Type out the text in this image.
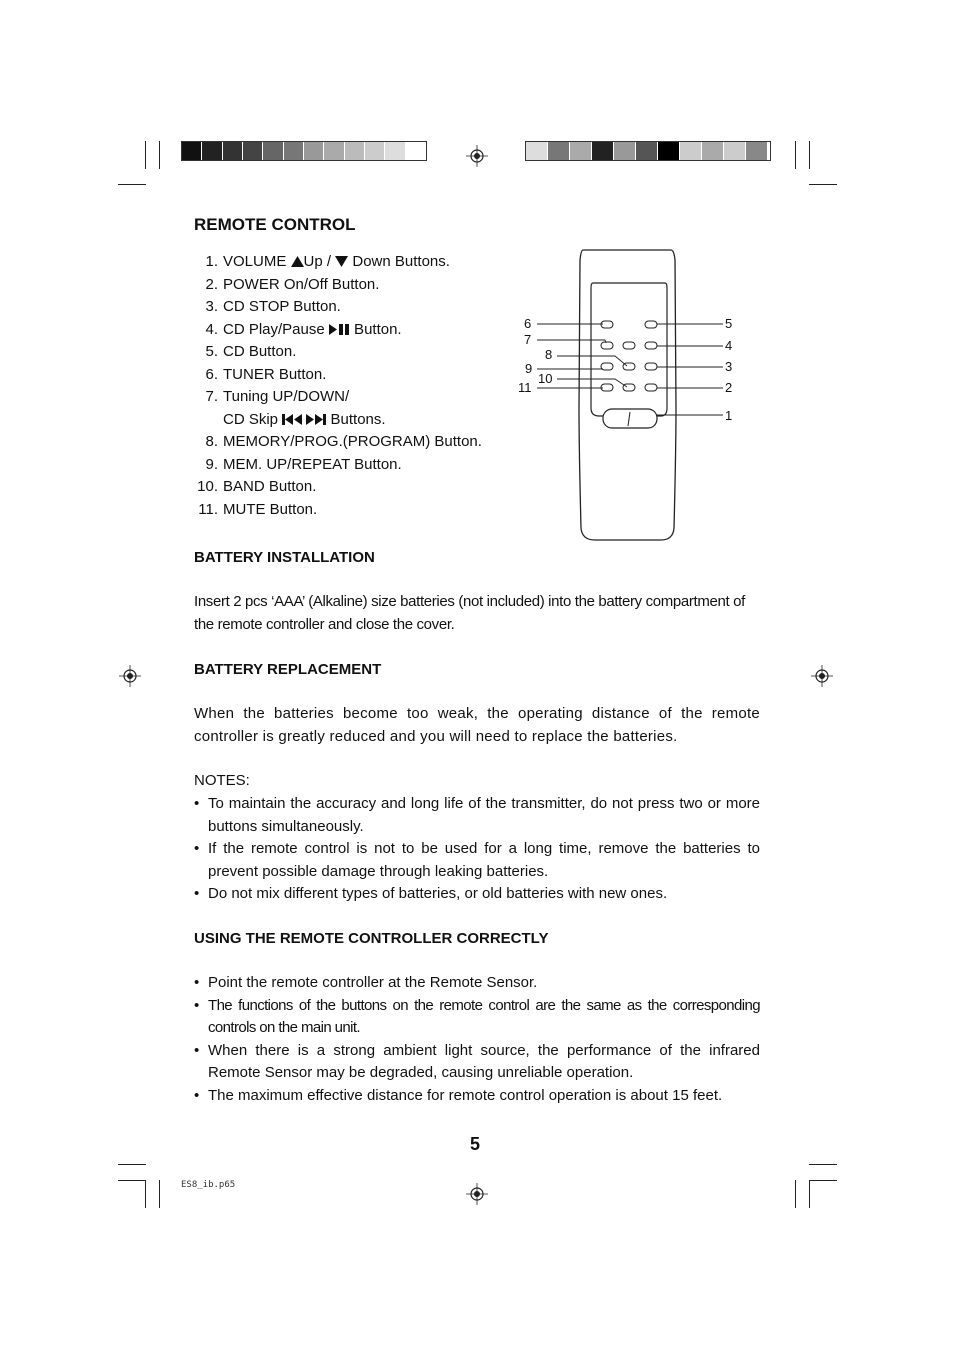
REMOTE CONTROL
1. VOLUME Up /  Down Buttons.
2. POWER On/Off Button.
3. CD STOP Button.
4. CD Play/Pause  Button.
5. CD Button.
6. TUNER Button.
7. Tuning UP/DOWN/
CD Skip	Buttons.
8. MEMORY/PROG.(PROGRAM) Button.
9. MEM. UP/REPEAT Button.
10. BAND Button.
11. MUTE Button.
6
7
8
9
10
11
5
4
3
2
1
BATTERY INSTALLATION
Insert 2 pcs ‘AAA’ (Alkaline) size batteries (not included) into the battery compartment of the remote controller and close the cover.
BATTERY REPLACEMENT
When the batteries become too weak, the operating distance of the remote controller is greatly reduced and you will need to replace the batteries.
NOTES:
• To maintain the accuracy and long life of the transmitter, do not press two or more buttons simultaneously.
• If the remote control is not to be used for a long time, remove the batteries to prevent possible damage through leaking batteries.
• Do not mix different types of batteries, or old batteries with new ones.
USING THE REMOTE CONTROLLER CORRECTLY
• Point the remote controller at the Remote Sensor.
• The functions of the buttons on the remote control are the same as the corresponding controls on the main unit.
• When there is a strong ambient light source, the performance of the infrared Remote Sensor may be degraded, causing unreliable operation.
• The maximum effective distance for remote control operation is about 15 feet.
5
ES8_ib.p65
